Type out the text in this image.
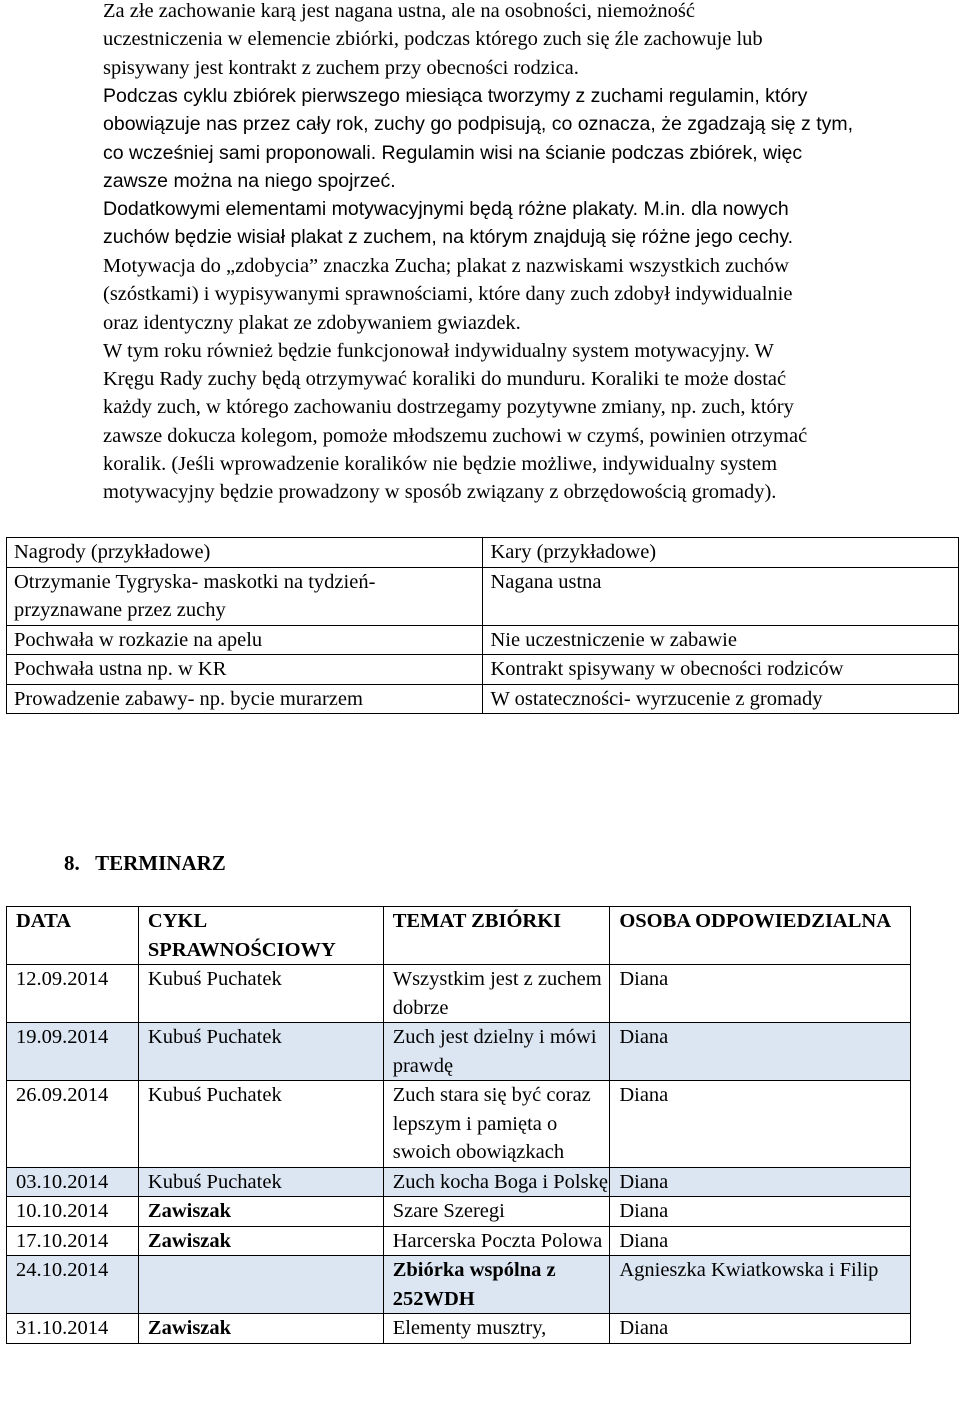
Za złe zachowanie karą jest nagana ustna, ale na osobności, niemożność
uczestniczenia w elemencie zbiórki, podczas którego zuch się źle zachowuje lub
spisywany jest kontrakt z zuchem przy obecności rodzica.

Podczas cyklu zbiórek pierwszego miesiąca tworzymy z zuchami regulamin, który
obowiązuje nas przez cały rok, zuchy go podpisują, co oznacza, że zgadzają się z tym,
co wcześniej sami proponowali. Regulamin wisi na ścianie podczas zbiórek, więc
zawsze można na niego spojrzeć.
Dodatkowymi elementami motywacyjnymi będą różne plakaty. M.in. dla nowych
zuchów będzie wisiał plakat z zuchem, na którym znajdują się różne jego cechy.

Motywacja do „zdobycia” znaczka Zucha; plakat z nazwiskami wszystkich zuchów
(szóstkami) i wypisywanymi sprawnościami, które dany zuch zdobył indywidualnie
oraz identyczny plakat ze zdobywaniem gwiazdek.
W tym roku również będzie funkcjonował indywidualny system motywacyjny. W
Kręgu Rady zuchy będą otrzymywać koraliki do munduru. Koraliki te może dostać
każdy zuch, w którego zachowaniu dostrzegamy pozytywne zmiany, np. zuch, który
zawsze dokucza kolegom, pomoże młodszemu zuchowi w czymś, powinien otrzymać
koralik. (Jeśli wprowadzenie koralików nie będzie możliwe, indywidualny system
motywacyjny będzie prowadzony w sposób związany z obrzędowością gromady).

Nagrody (przykładowe)	Kary (przykładowe)
Otrzymanie Tygryska- maskotki na tydzień-
przyznawane przez zuchy	Nagana ustna
Pochwała w rozkazie na apelu	Nie uczestniczenie w zabawie
Pochwała ustna np. w KR	Kontrakt spisywany w obecności rodziców
Prowadzenie zabawy- np. bycie murarzem	W ostateczności- wyrzucenie z gromady
8.   TERMINARZ
DATA	CYKL SPRAWNOŚCIOWY	TEMAT ZBIÓRKI	OSOBA ODPOWIEDZIALNA
12.09.2014	Kubuś Puchatek	Wszystkim jest z zuchem dobrze	Diana
19.09.2014	Kubuś Puchatek	Zuch jest dzielny i mówi prawdę	Diana
26.09.2014	Kubuś Puchatek	Zuch stara się być coraz lepszym i pamięta o swoich obowiązkach	Diana
03.10.2014	Kubuś Puchatek	Zuch kocha Boga i Polskę	Diana
10.10.2014	Zawiszak	Szare Szeregi	Diana
17.10.2014	Zawiszak	Harcerska Poczta Polowa	Diana
24.10.2014		Zbiórka wspólna z 252WDH	Agnieszka Kwiatkowska i Filip
31.10.2014	Zawiszak	Elementy musztry,	Diana
